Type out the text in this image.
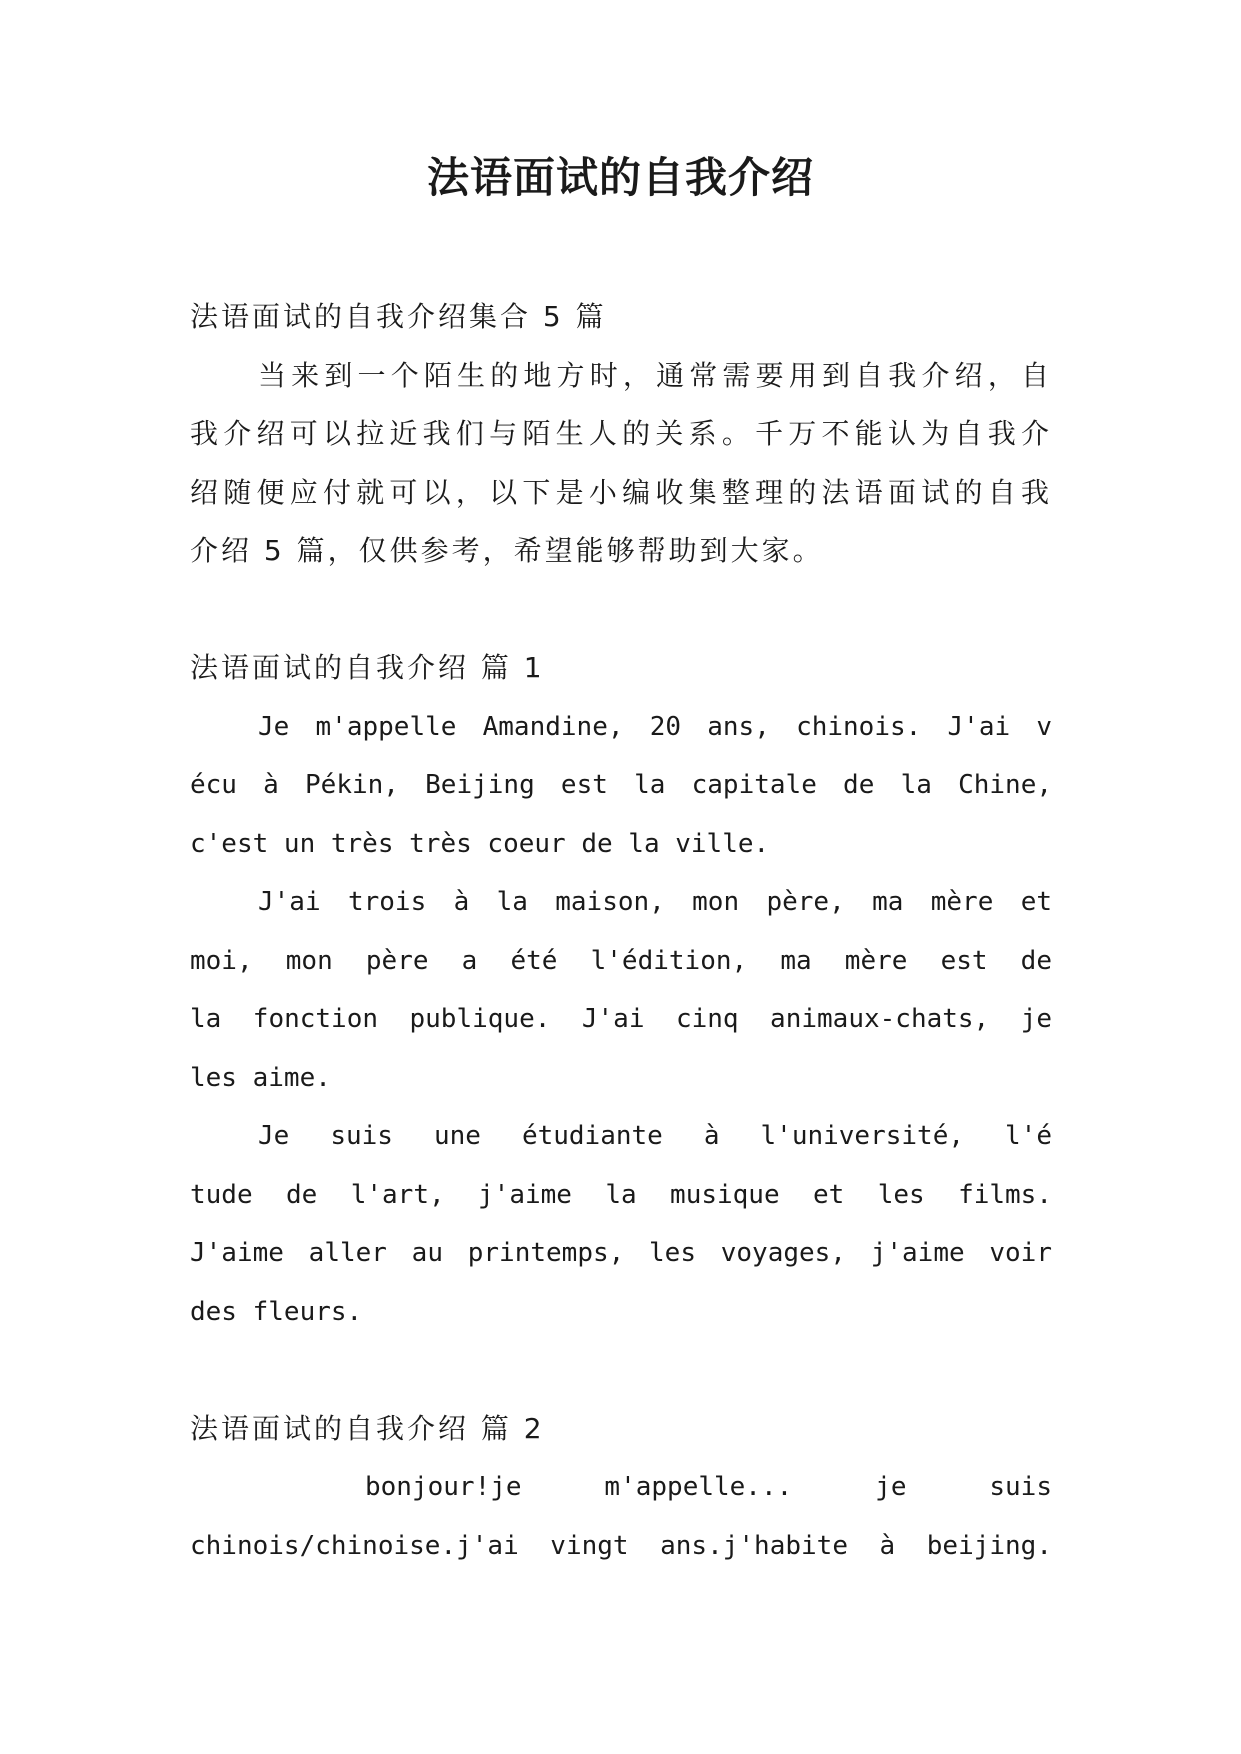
法语面试的自我介绍
法语面试的自我介绍集合 5 篇
当来到一个陌生的地方时，通常需要用到自我介绍，自
我介绍可以拉近我们与陌生人的关系。千万不能认为自我介
绍随便应付就可以，以下是小编收集整理的法语面试的自我
介绍 5 篇，仅供参考，希望能够帮助到大家。
法语面试的自我介绍 篇 1
Je m'appelle Amandine, 20 ans, chinois. J'ai v
écu à Pékin, Beijing est la capitale de la Chine,
c'est un très très coeur de la ville.
J'ai trois à la maison, mon père, ma mère et
moi, mon père a été l'édition, ma mère est de
la fonction publique. J'ai cinq animaux-chats, je
les aime.
Je suis une étudiante à l'université, l'é
tude de l'art, j'aime la musique et les films.
J'aime aller au printemps, les voyages, j'aime voir
des fleurs.
法语面试的自我介绍 篇 2
bonjour!je m'appelle... je suis
chinois/chinoise.j'ai vingt ans.j'habite à beijing.
